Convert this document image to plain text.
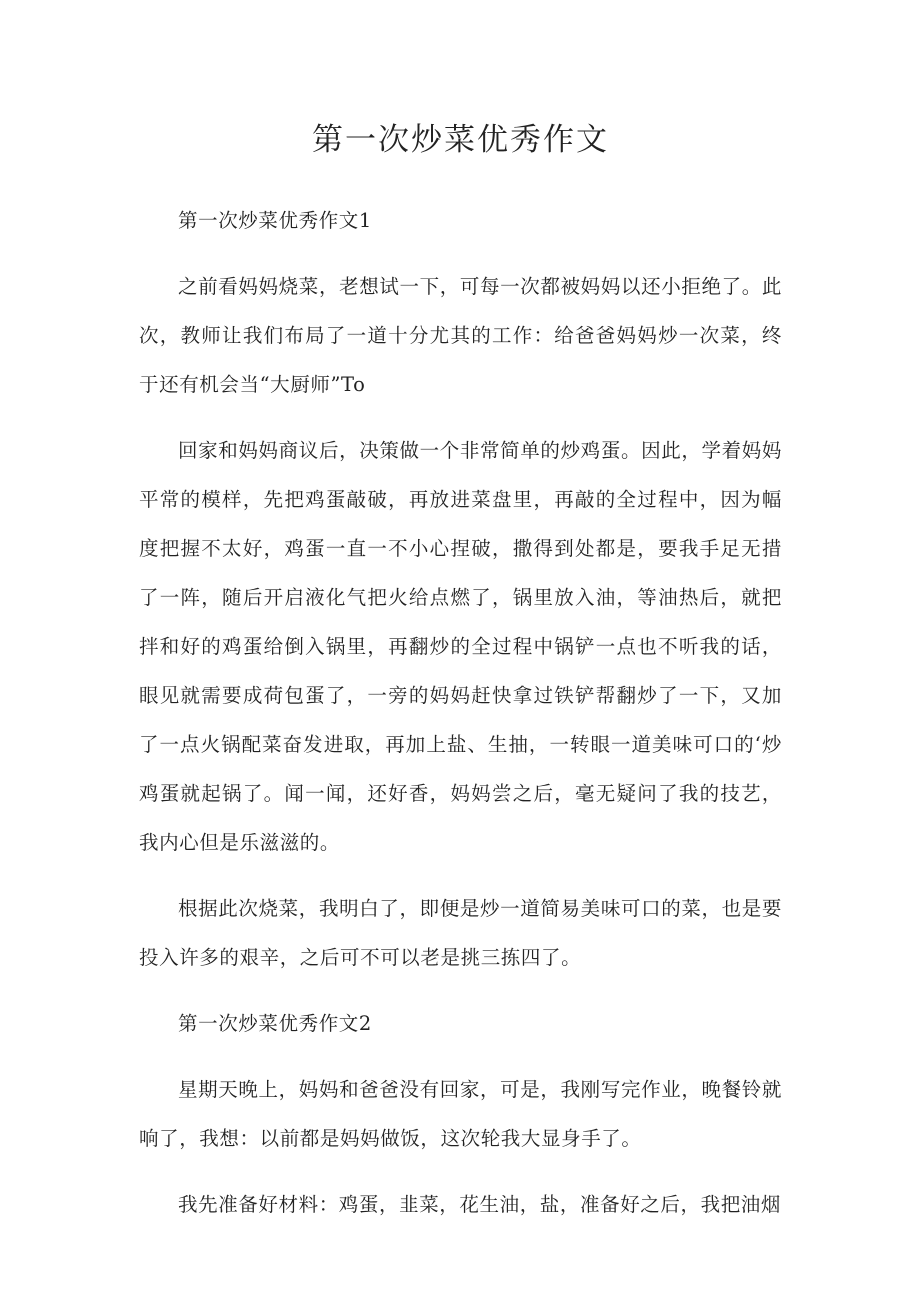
第一次炒菜优秀作文

第一次炒菜优秀作文1

之前看妈妈烧菜，老想试一下，可每一次都被妈妈以还小拒绝了。此次，教师让我们布局了一道十分尤其的工作：给爸爸妈妈炒一次菜，终于还有机会当“大厨师”To

回家和妈妈商议后，决策做一个非常简单的炒鸡蛋。因此，学着妈妈平常的模样，先把鸡蛋敲破，再放进菜盘里，再敲的全过程中，因为幅度把握不太好，鸡蛋一直一不小心捏破，撒得到处都是，要我手足无措了一阵，随后开启液化气把火给点燃了，锅里放入油，等油热后，就把拌和好的鸡蛋给倒入锅里，再翻炒的全过程中锅铲一点也不听我的话，眼见就需要成荷包蛋了，一旁的妈妈赶快拿过铁铲帮翻炒了一下，又加了一点火锅配菜奋发进取，再加上盐、生抽，一转眼一道美味可口的‘炒鸡蛋就起锅了。闻一闻，还好香，妈妈尝之后，毫无疑问了我的技艺，我内心但是乐滋滋的。

根据此次烧菜，我明白了，即便是炒一道简易美味可口的菜，也是要投入许多的艰辛，之后可不可以老是挑三拣四了。

第一次炒菜优秀作文2

星期天晚上，妈妈和爸爸没有回家，可是，我刚写完作业，晚餐铃就响了，我想：以前都是妈妈做饭，这次轮我大显身手了。

我先准备好材料：鸡蛋，韭菜，花生油，盐，准备好之后，我把油烟
